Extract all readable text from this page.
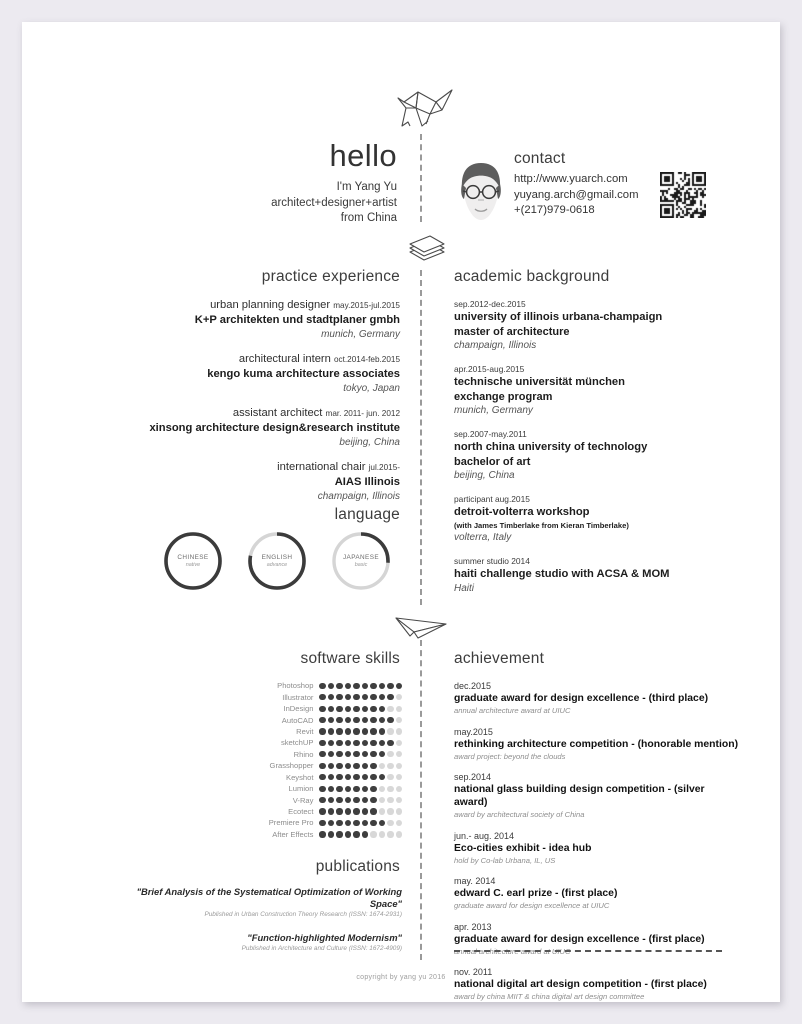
hello
I'm Yang Yu
architect+designer+artist
from China
contact
http://www.yuarch.com
yuyang.arch@gmail.com
+(217)979-0618
practice experience
urban planning designer may.2015-jul.2015
K+P architekten und stadtplaner gmbh
munich, Germany
architectural intern oct.2014-feb.2015
kengo kuma architecture associates
tokyo, Japan
assistant architect mar. 2011- jun. 2012
xinsong architecture design&research institute
beijing, China
international chair jul.2015-
AIAS Illinois
champaign, Illinois
academic background
sep.2012-dec.2015
university of illinois urbana-champaign
master of architecture
champaign, Illinois
apr.2015-aug.2015
technische universität münchen
exchange program
munich, Germany
sep.2007-may.2011
north china university of technology
bachelor of art
beijing, China
participant aug.2015
detroit-volterra workshop
(with James Timberlake from Kieran Timberlake)
volterra, Italy
summer studio 2014
haiti challenge studio with ACSA & MOM
Haiti
language
CHINESE
native
ENGLISH
advance
JAPANESE
basic
software skills
Photoshop
Illustrator
InDesign
AutoCAD
Revit
sketchUP
Rhino
Grasshopper
Keyshot
Lumion
V-Ray
Ecotect
Premiere Pro
After Effects
achievement
dec.2015
graduate award for design excellence - (third place)
annual architecture award at UIUC
may.2015
rethinking architecture competition - (honorable mention)
award project: beyond the clouds
sep.2014
national glass building design competition - (silver award)
award by architectural society of China
jun.- aug. 2014
Eco-cities exhibit - idea hub
hold by Co-lab Urbana, IL, US
may. 2014
edward C. earl prize - (first place)
graduate award for design excellence at UIUC
apr. 2013
graduate award for design excellence - (first place)
annual architecture award at UIUC
nov. 2011
national digital art design competition - (first place)
award by china MIIT & china digital art design committee
publications
"Brief Analysis of the Systematical Optimization of Working Space"
Published in Urban Construction Theory Research (ISSN: 1674-2931)
"Function-highlighted Modernism"
Published in Architecture and Culture (ISSN: 1672-4909)
copyright by yang yu 2016
